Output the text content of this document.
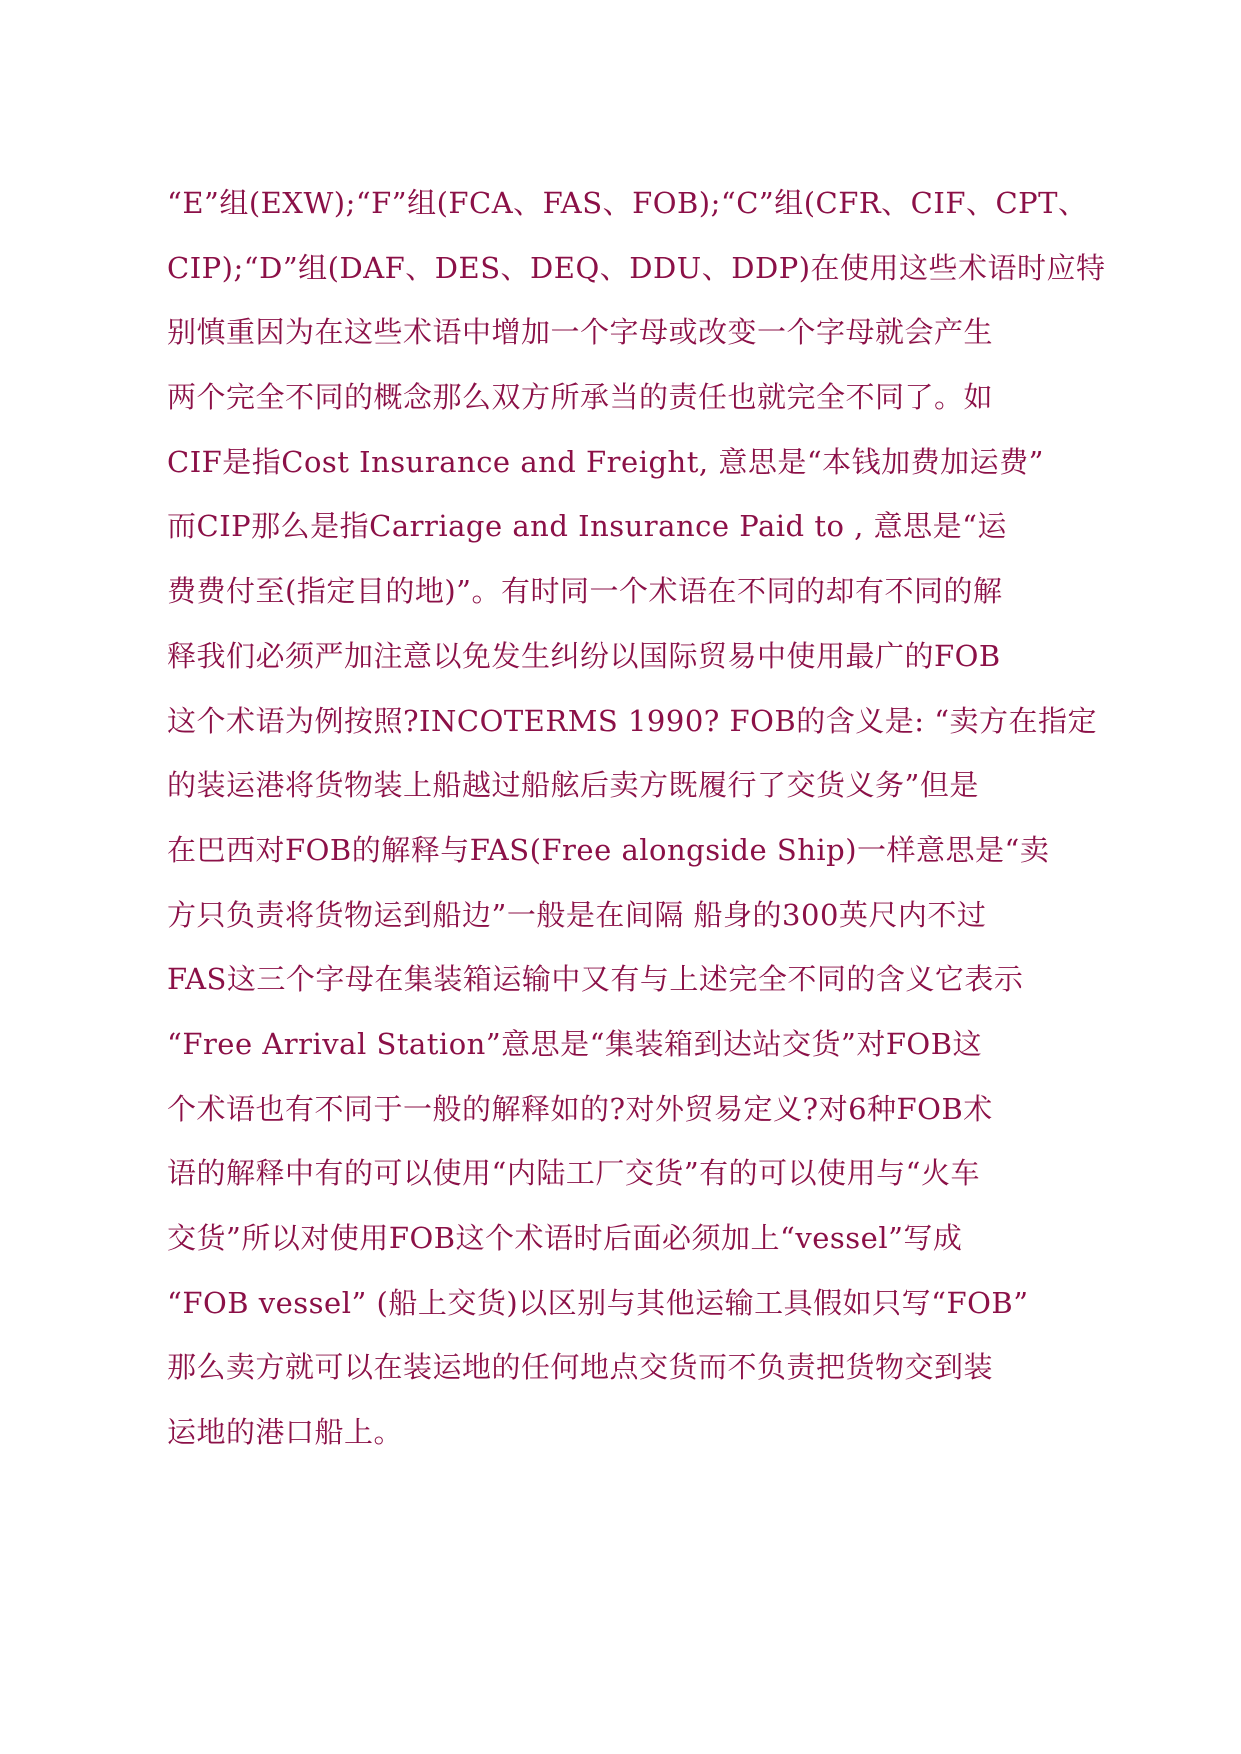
“E”组(EXW);“F”组(FCA、FAS、FOB);“C”组(CFR、CIF、CPT、
CIP);“D”组(DAF、DES、DEQ、DDU、DDP)在使用这些术语时应特
别慎重因为在这些术语中增加一个字母或改变一个字母就会产生
两个完全不同的概念那么双方所承当的责任也就完全不同了。如
CIF是指Cost Insurance and Freight, 意思是“本钱加费加运费”
而CIP那么是指Carriage and Insurance Paid to , 意思是“运
费费付至(指定目的地)”。有时同一个术语在不同的却有不同的解
释我们必须严加注意以免发生纠纷以国际贸易中使用最广的FOB
这个术语为例按照?INCOTERMS 1990? FOB的含义是: “卖方在指定
的装运港将货物装上船越过船舷后卖方既履行了交货义务”但是
在巴西对FOB的解释与FAS(Free alongside Ship)一样意思是“卖
方只负责将货物运到船边”一般是在间隔 船身的300英尺内不过
FAS这三个字母在集装箱运输中又有与上述完全不同的含义它表示
“Free Arrival Station”意思是“集装箱到达站交货”对FOB这
个术语也有不同于一般的解释如的?对外贸易定义?对6种FOB术
语的解释中有的可以使用“内陆工厂交货”有的可以使用与“火车
交货”所以对使用FOB这个术语时后面必须加上“vessel”写成
“FOB vessel” (船上交货)以区别与其他运输工具假如只写“FOB”
那么卖方就可以在装运地的任何地点交货而不负责把货物交到装
运地的港口船上。
